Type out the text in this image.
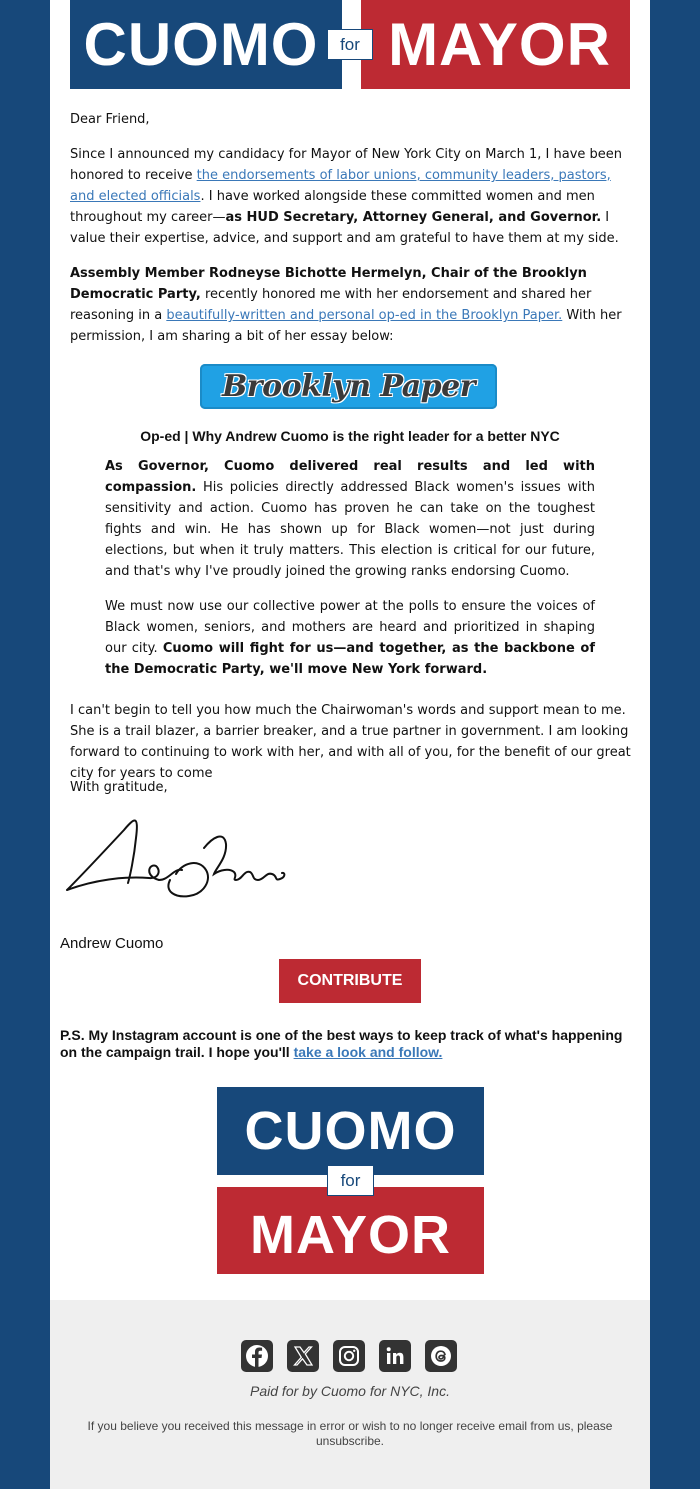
CUOMO	MAYOR
for
Dear Friend,
Since I announced my candidacy for Mayor of New York City on March 1, I have been honored to receive the endorsements of labor unions, community leaders, pastors, and elected officials. I have worked alongside these committed women and men throughout my career—as HUD Secretary, Attorney General, and Governor. I value their expertise, advice, and support and am grateful to have them at my side.
Assembly Member Rodneyse Bichotte Hermelyn, Chair of the Brooklyn Democratic Party, recently honored me with her endorsement and shared her reasoning in a beautifully-written and personal op-ed in the Brooklyn Paper. With her permission, I am sharing a bit of her essay below:
Brooklyn Paper
Op-ed | Why Andrew Cuomo is the right leader for a better NYC
As Governor, Cuomo delivered real results and led with compassion. His policies directly addressed Black women's issues with sensitivity and action. Cuomo has proven he can take on the toughest fights and win. He has shown up for Black women—not just during elections, but when it truly matters. This election is critical for our future, and that's why I've proudly joined the growing ranks endorsing Cuomo.
We must now use our collective power at the polls to ensure the voices of Black women, seniors, and mothers are heard and prioritized in shaping our city. Cuomo will fight for us—and together, as the backbone of the Democratic Party, we'll move New York forward.
I can't begin to tell you how much the Chairwoman's words and support mean to me. She is a trail blazer, a barrier breaker, and a true partner in government. I am looking forward to continuing to work with her, and with all of you, for the benefit of our great city for years to come
With gratitude,
Andrew Cuomo
CONTRIBUTE
P.S. My Instagram account is one of the best ways to keep track of what's happening on the campaign trail. I hope you'll take a look and follow.
CUOMO
MAYOR
for
Paid for by Cuomo for NYC, Inc.
If you believe you received this message in error or wish to no longer receive email from us, please unsubscribe.
